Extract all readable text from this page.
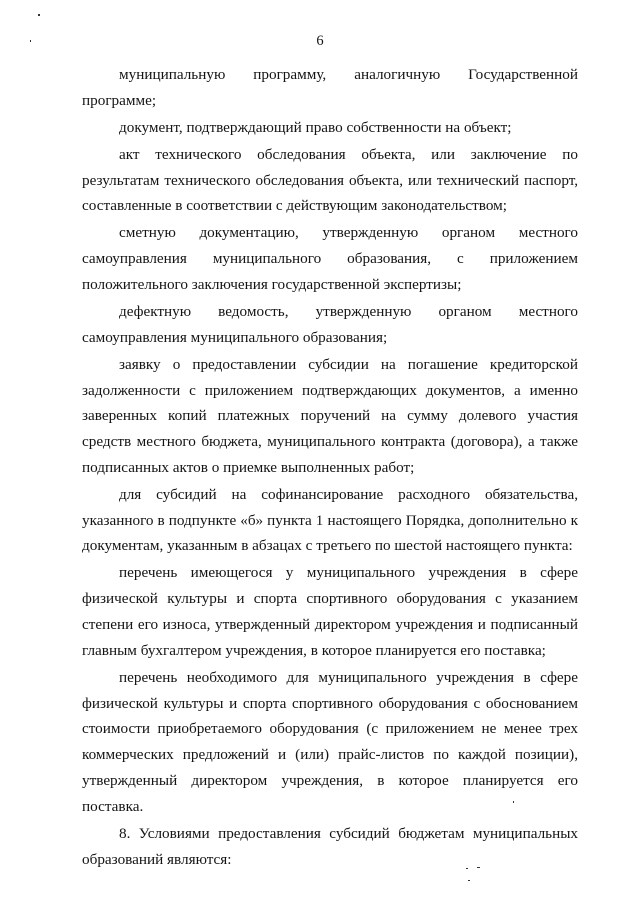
6

муниципальную программу, аналогичную Государственной программе;

документ, подтверждающий право собственности на объект;

акт технического обследования объекта, или заключение по результатам технического обследования объекта, или технический паспорт, составленные в соответствии с действующим законодательством;

сметную документацию, утвержденную органом местного самоуправления муниципального образования, с приложением положительного заключения государственной экспертизы;

дефектную ведомость, утвержденную органом местного самоуправления муниципального образования;

заявку о предоставлении субсидии на погашение кредиторской задолженности с приложением подтверждающих документов, а именно заверенных копий платежных поручений на сумму долевого участия средств местного бюджета, муниципального контракта (договора), а также подписанных актов о приемке выполненных работ;

для субсидий на софинансирование расходного обязательства, указанного в подпункте «б» пункта 1 настоящего Порядка, дополнительно к документам, указанным в абзацах с третьего по шестой настоящего пункта:

перечень имеющегося у муниципального учреждения в сфере физической культуры и спорта спортивного оборудования с указанием степени его износа, утвержденный директором учреждения и подписанный главным бухгалтером учреждения, в которое планируется его поставка;

перечень необходимого для муниципального учреждения в сфере физической культуры и спорта спортивного оборудования с обоснованием стоимости приобретаемого оборудования (с приложением не менее трех коммерческих предложений и (или) прайс-листов по каждой позиции), утвержденный директором учреждения, в которое планируется его поставка.

8. Условиями предоставления субсидий бюджетам муниципальных образований являются:
